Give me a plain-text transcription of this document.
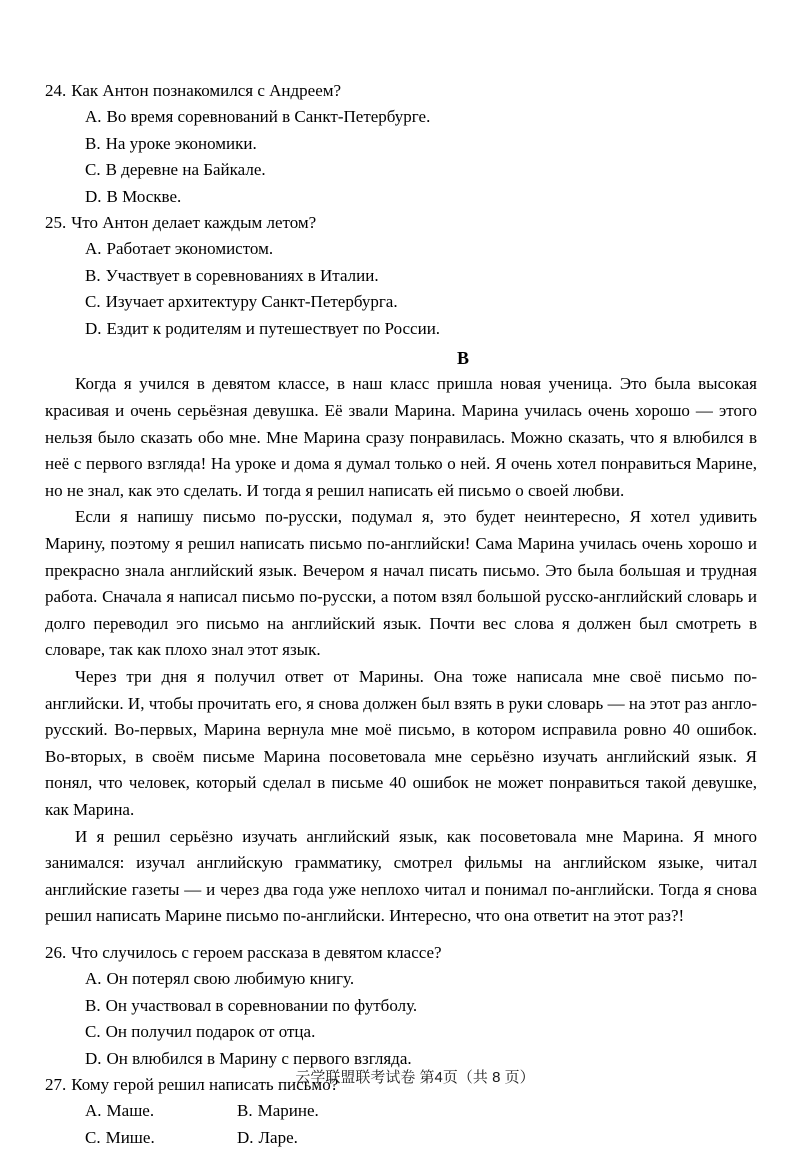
24. Как Антон познакомился с Андреем?
A. Во время соревнований в Санкт-Петербурге.
B. На уроке экономики.
C. В деревне на Байкале.
D. В Москве.
25. Что Антон делает каждым летом?
A. Работает экономистом.
B. Участвует в соревнованиях в Италии.
C. Изучает архитектуру Санкт-Петербурга.
D. Ездит к родителям и путешествует по России.
В

Когда я учился в девятом классе, в наш класс пришла новая ученица. Это была высокая красивая и очень серьёзная девушка. Её звали Марина. Марина училась очень хорошо — этого нельзя было сказать обо мне. Мне Марина сразу понравилась. Можно сказать, что я влюбился в неё с первого взгляда! На уроке и дома я думал только о ней. Я очень хотел понравиться Марине, но не знал, как это сделать. И тогда я решил написать ей письмо о своей любви.

Если я напишу письмо по-русски, подумал я, это будет неинтересно, Я хотел удивить Марину, поэтому я решил написать письмо по-английски! Сама Марина училась очень хорошо и прекрасно знала английский язык. Вечером я начал писать письмо. Это была большая и трудная работа. Сначала я написал письмо по-русски, а потом взял большой русско-английский словарь и долго переводил эго письмо на английский язык. Почти вес слова я должен был смотреть в словаре, так как плохо знал этот язык.

Через три дня я получил ответ от Марины. Она тоже написала мне своё письмо по-английски. И, чтобы прочитать его, я снова должен был взять в руки словарь — на этот раз англо-русский. Во-первых, Марина вернула мне моё письмо, в котором исправила ровно 40 ошибок. Во-вторых, в своём письме Марина посоветовала мне серьёзно изучать английский язык. Я понял, что человек, который сделал в письме 40 ошибок не может понравиться такой девушке, как Марина.

И я решил серьёзно изучать английский язык, как посоветовала мне Марина. Я много занимался: изучал английскую грамматику, смотрел фильмы на английском языке, читал английские газеты — и через два года уже неплохо читал и понимал по-английски. Тогда я снова решил написать Марине письмо по-английски. Интересно, что она ответит на этот раз?!

26. Что случилось с героем рассказа в девятом классе?
A. Он потерял свою любимую книгу.
B. Он участвовал в соревновании по футболу.
C. Он получил подарок от отца.
D. Он влюбился в Марину с первого взгляда.
27. Кому герой решил написать письмо?
A. Маше.	B. Марине.
C. Мише.	D. Ларе.
云学联盟联考试卷 第4页（共 8 页）
